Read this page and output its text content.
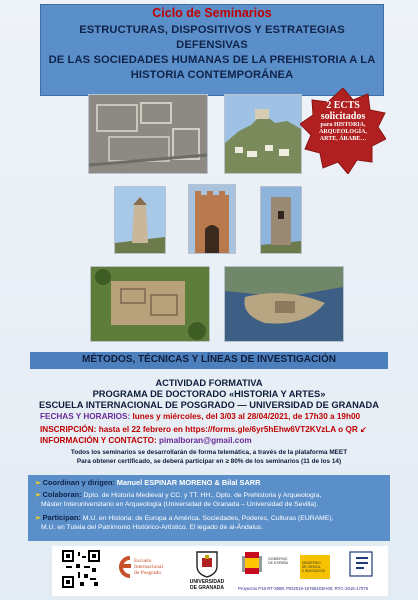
Ciclo de Seminarios
ESTRUCTURAS, DISPOSITIVOS Y ESTRATEGIAS DEFENSIVAS
DE LAS SOCIEDADES HUMANAS DE LA PREHISTORIA A LA
HISTORIA CONTEMPORÁNEA
2 ECTS
solicitados
para HISTORIA,
ARQUEOLOGÍA,
ARTE, ÁRABE…
MÉTODOS, TÉCNICAS Y LÍNEAS DE INVESTIGACIÓN
ACTIVIDAD FORMATIVA
PROGRAMA DE DOCTORADO «HISTORIA Y ARTES»
ESCUELA INTERNACIONAL DE POSGRADO — UNIVERSIDAD DE GRANADA
FECHAS Y HORARIOS: lunes y miércoles, del 3/03 al 28/04/2021, de 17h30 a 19h00
INSCRIPCIÓN: hasta el 22 febrero en https://forms.gle/6yr5hEhw6VT2KVzLA o QR ↙
INFORMACIÓN Y CONTACTO: pimalboran@gmail.com
Todos los seminarios se desarrollarán de forma telemática, a través de la plataforma MEET
Para obtener certificado, se deberá participar en ≥ 80% de los seminarios (11 de los 14)
➢ Coordinan y dirigen: Manuel ESPINAR MORENO & Bilal SARR
➢ Colaboran: Dpto. de Historia Medieval y CC. y TT. HH., Dpto. de Prehistoria y Arqueología,
Máster Interuniversitario en Arqueología (Universidad de Granada – Universidad de Sevilla).
➢ Participan: M.U. en Historia: de Europa a América. Sociedades, Poderes, Culturas (EURAME),
M.U. en Tutela del Patrimonio Histórico-Artístico. El legado de al-Ándalus.
Escuela
Internacional
de Posgrado
UNIVERSIDAD
DE GRANADA
GOBIERNO
DE ESPAÑA	MINISTERIO
DE CIENCIA
E INNOVACIÓN
Proyectos P18-RT-3588; PID2019-107654GB-I00; RYC-2015-17075
